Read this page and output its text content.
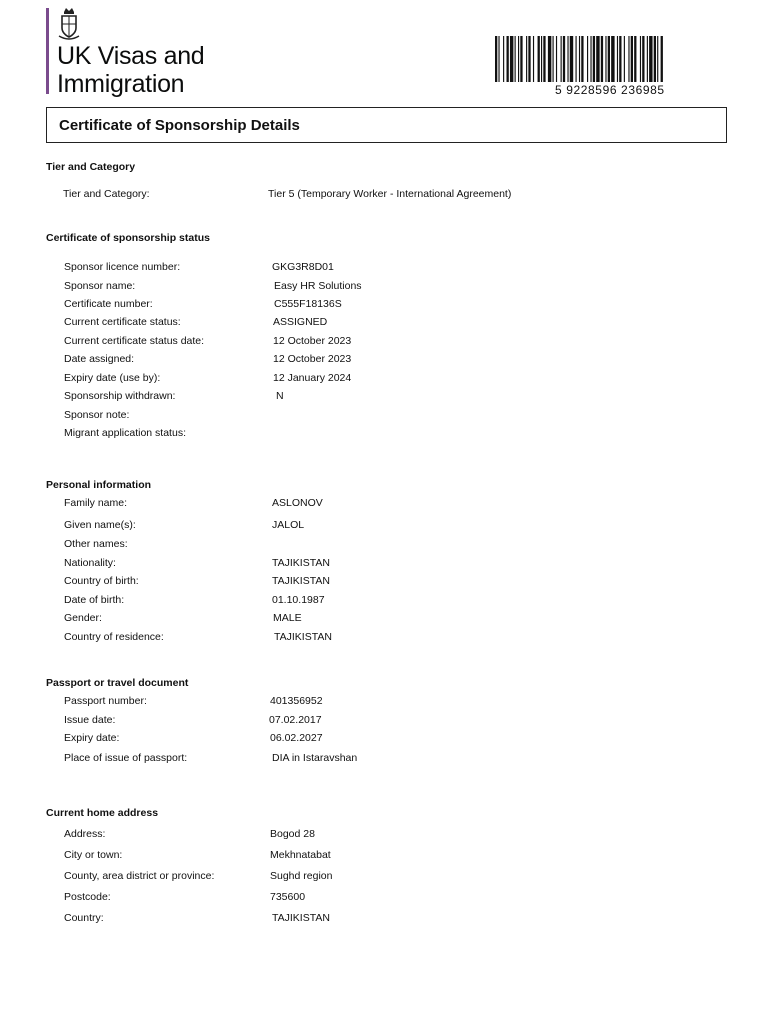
UK Visas and
Immigration	5 9228596 236985
Certificate of Sponsorship Details
Tier and Category
Tier and Category:	Tier 5 (Temporary Worker - International Agreement)
Certificate of sponsorship status
Sponsor licence number:	GKG3R8D01
Sponsor name:	Easy HR Solutions
Certificate number:	C555F18136S
Current certificate status:	ASSIGNED
Current certificate status date:	12 October 2023
Date assigned:	12 October 2023
Expiry date (use by):	12 January 2024
Sponsorship withdrawn:	N
Sponsor note:
Migrant application status:
Personal information
Family name:	ASLONOV
Given name(s):	JALOL
Other names:
Nationality:	TAJIKISTAN
Country of birth:	TAJIKISTAN
Date of birth:	01.10.1987
Gender:	MALE
Country of residence:	TAJIKISTAN
Passport or travel document
Passport number:	401356952
Issue date:	07.02.2017
Expiry date:	06.02.2027
Place of issue of passport:	DIA in Istaravshan
Current home address
Address:	Bogod 28
City or town:	Mekhnatabat
County, area district or province:	Sughd region
Postcode:	735600
Country:	TAJIKISTAN
